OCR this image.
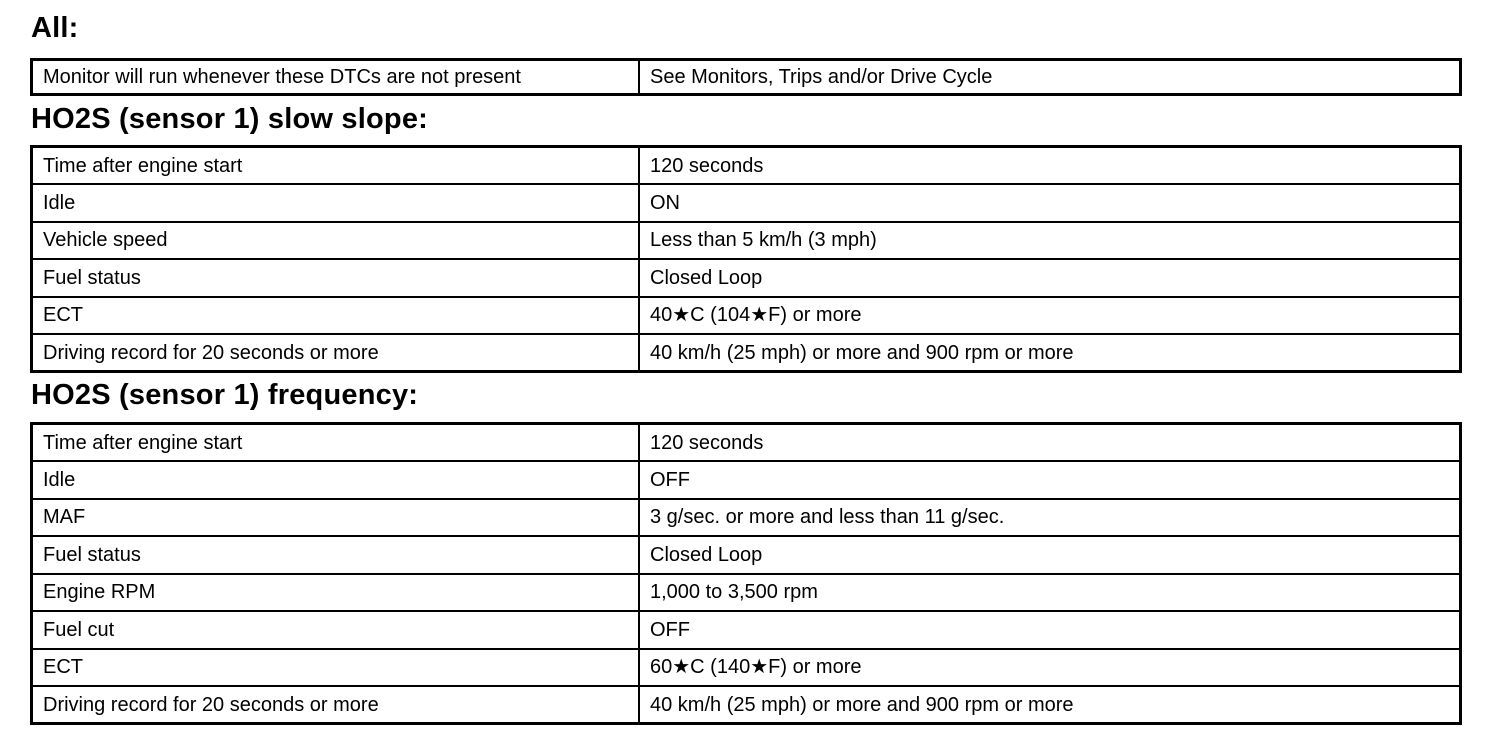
All:
Monitor will run whenever these DTCs are not present	See Monitors, Trips and/or Drive Cycle
HO2S (sensor 1) slow slope:
Time after engine start	120 seconds
Idle	ON
Vehicle speed	Less than 5 km/h (3 mph)
Fuel status	Closed Loop
ECT	40★C (104★F) or more
Driving record for 20 seconds or more	40 km/h (25 mph) or more and 900 rpm or more
HO2S (sensor 1) frequency:
Time after engine start	120 seconds
Idle	OFF
MAF	3 g/sec. or more and less than 11 g/sec.
Fuel status	Closed Loop
Engine RPM	1,000 to 3,500 rpm
Fuel cut	OFF
ECT	60★C (140★F) or more
Driving record for 20 seconds or more	40 km/h (25 mph) or more and 900 rpm or more
